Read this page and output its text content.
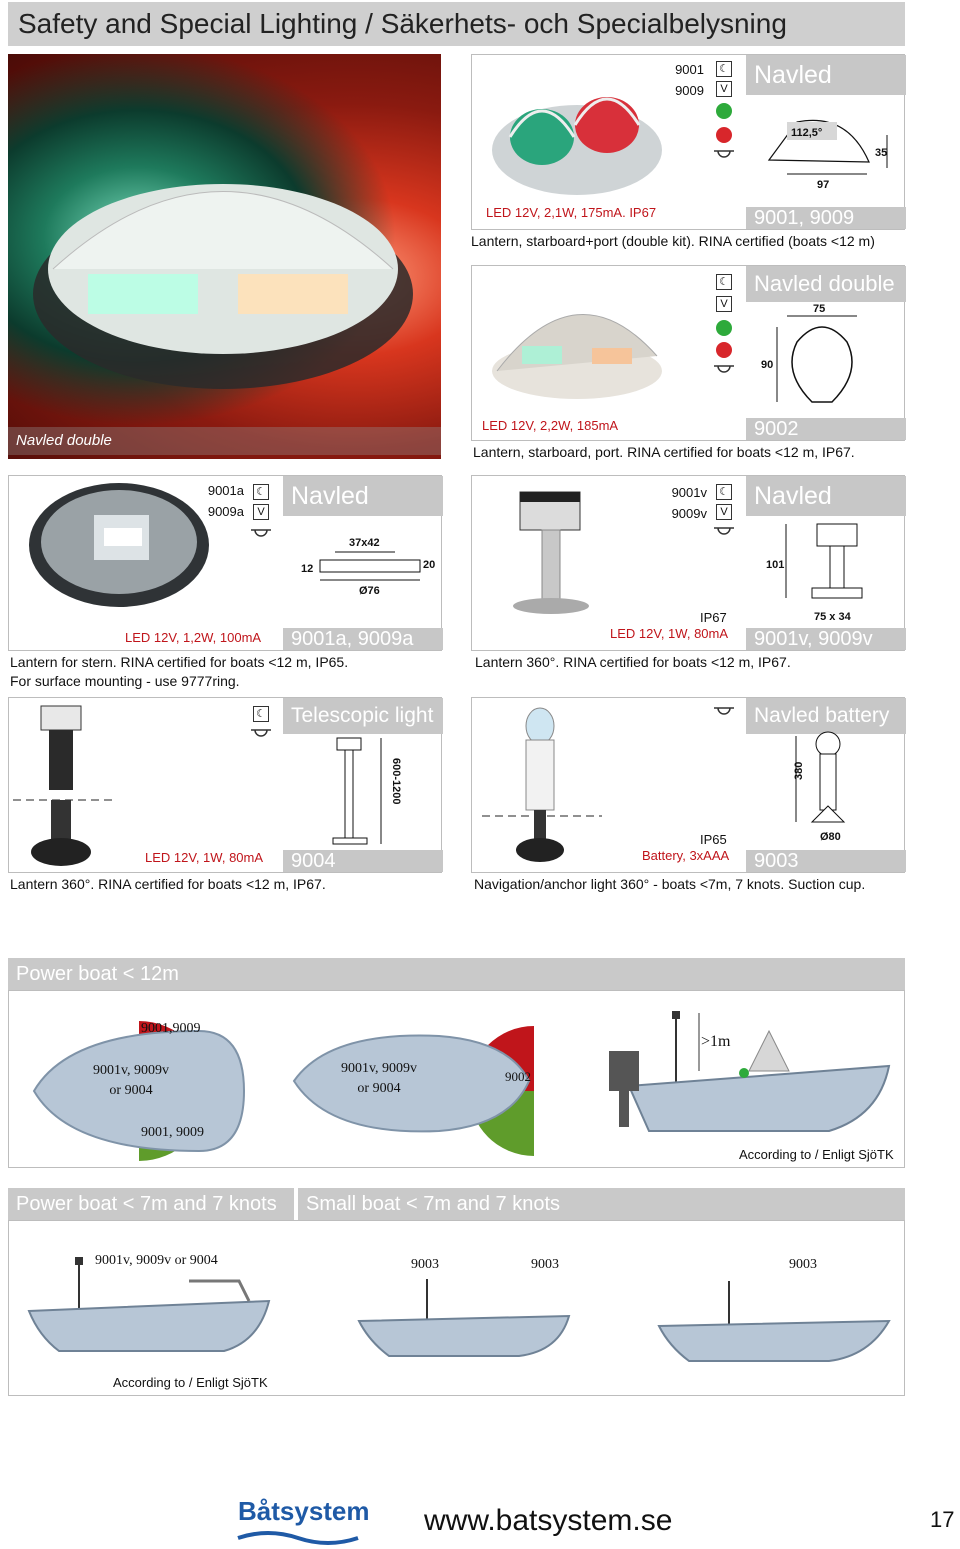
Safety and Special Lighting / Säkerhets- och Specialbelysning
Navled double
9001
9009
☾
V	Navled
112,5°
35
97
LED 12V, 2,1W, 175mA. IP67	9001, 9009
Lantern, starboard+port (double kit). RINA certified (boats <12 m)
☾
V
Navled double
75
90
LED 12V, 2,2W, 185mA	9002
Lantern, starboard, port. RINA certified for boats <12 m, IP67.
9001a
9009a
☾
V
Navled
37x42
12	20
Ø76
LED 12V, 1,2W, 100mA	9001a, 9009a
Lantern for stern. RINA certified for boats <12 m, IP65.
For surface mounting - use 9777ring.
9001v
9009v
☾
V
Navled
101
75 x 34
IP67
LED 12V, 1W, 80mA	9001v, 9009v
Lantern 360°. RINA certified for boats <12 m, IP67.
☾	Telescopic light
600-1200
LED 12V, 1W, 80mA	9004
Lantern 360°. RINA certified for boats <12 m, IP67.
Navled battery
380
Ø80
IP65
Battery, 3xAAA	9003
Navigation/anchor light 360° - boats <7m, 7 knots. Suction cup.
Power boat < 12m
9001,9009
9001v, 9009v
or 9004
9001, 9009
9001v, 9009v
or 9004
9002
>1m
According to / Enligt SjöTK
Power boat < 7m and 7 knots	Small boat < 7m and 7 knots
9001v, 9009v or 9004	9003	9003	9003
According to / Enligt SjöTK
Båtsystem www.batsystem.se	17
